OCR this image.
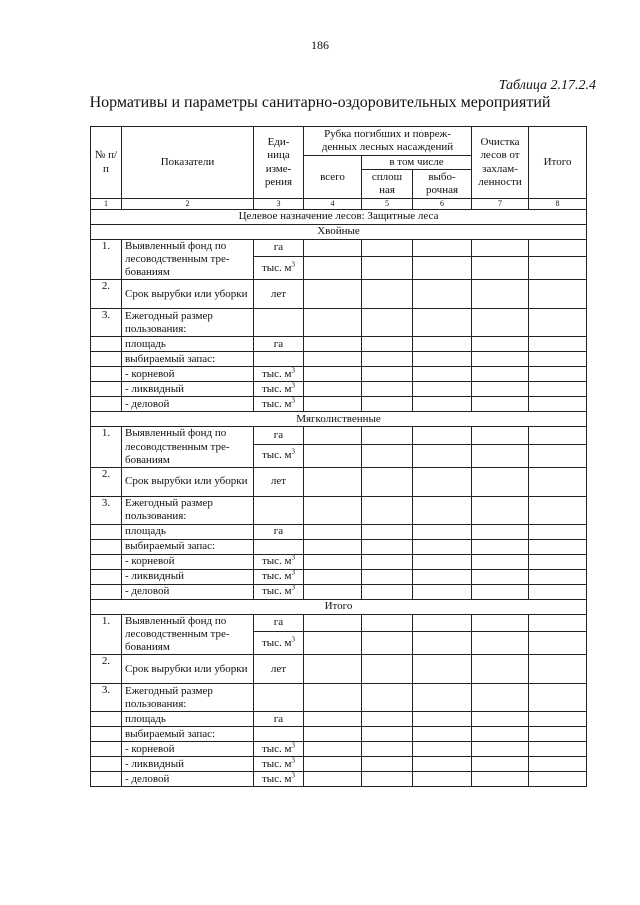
186
Таблица 2.17.2.4
Нормативы и параметры санитарно-оздоровительных мероприятий
№ п/п	Показатели	Еди-ница изме-рения	Рубка погибших и повреж-денных лесных насаждений			Очистка лесов от захлам-ленности	Итого
			всего	в том числе			
				сплош ная	выбо-рочная		
1	2	3	4	5	6	7	8
Целевое назначение лесов: Защитные леса							
Хвойные							
1.	Выявленный фонд по лесоводственным тре-бованиям	га					
		тыс. $м^3$					
2.	Срок вырубки или уборки	лет					
3.	Ежегодный размер пользования:						
	площадь	га					
	выбираемый запас:						
	- корневой	тыс. $м^3$					
	- ликвидный	тыс. $м^3$					
	- деловой	тыс. $м^3$					
Мягколиственные							
1.	Выявленный фонд по лесоводственным тре-бованиям	га					
		тыс. $м^3$					
2.	Срок вырубки или уборки	лет					
3.	Ежегодный размер пользования:						
	площадь	га					
	выбираемый запас:						
	- корневой	тыс. $м^3$					
	- ликвидный	тыс. $м^3$					
	- деловой	тыс. $м^3$					
Итого							
1.	Выявленный фонд по лесоводственным тре-бованиям	га					
		тыс. $м^3$					
2.	Срок вырубки или уборки	лет					
3.	Ежегодный размер пользования:						
	площадь	га					
	выбираемый запас:						
	- корневой	тыс. $м^3$					
	- ликвидный	тыс. $м^3$					
	- деловой	тыс. $м^3$					
